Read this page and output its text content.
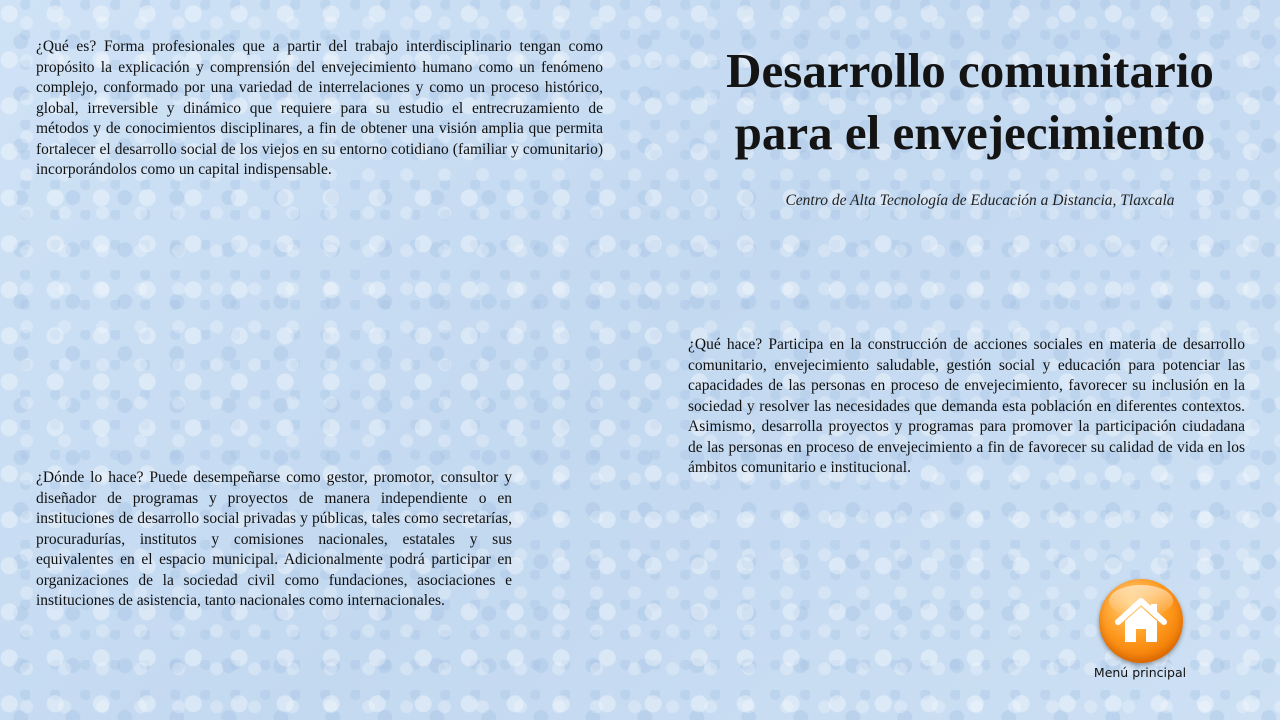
¿Qué es? Forma profesionales que a partir del trabajo interdisciplinario tengan como propósito la explicación y comprensión del envejecimiento humano como un fenómeno complejo, conformado por una variedad de interrelaciones y como un proceso histórico, global, irreversible y dinámico que requiere para su estudio el entrecruzamiento de métodos y de conocimientos disciplinares, a fin de obtener una visión amplia que permita fortalecer el desarrollo social de los viejos en su entorno cotidiano (familiar y comunitario) incorporándolos como un capital indispensable.
Desarrollo comunitario
para el envejecimiento
Centro de Alta Tecnología de Educación a Distancia, Tlaxcala
¿Qué hace? Participa en la construcción de acciones sociales en materia de desarrollo comunitario, envejecimiento saludable, gestión social y educación para potenciar las capacidades de las personas en proceso de envejecimiento, favorecer su inclusión en la sociedad y resolver las necesidades que demanda esta población en diferentes contextos. Asimismo, desarrolla proyectos y programas para promover la participación ciudadana de las personas en proceso de envejecimiento a fin de favorecer su calidad de vida en los ámbitos comunitario e institucional.
¿Dónde lo hace? Puede desempeñarse como gestor, promotor, consultor y diseñador de programas y proyectos de manera independiente o en instituciones de desarrollo social privadas y públicas, tales como secretarías, procuradurías, institutos y comisiones nacionales, estatales y sus equivalentes en el espacio municipal. Adicionalmente podrá participar en organizaciones de la sociedad civil como fundaciones, asociaciones e instituciones de asistencia, tanto nacionales como internacionales.
Menú principal
